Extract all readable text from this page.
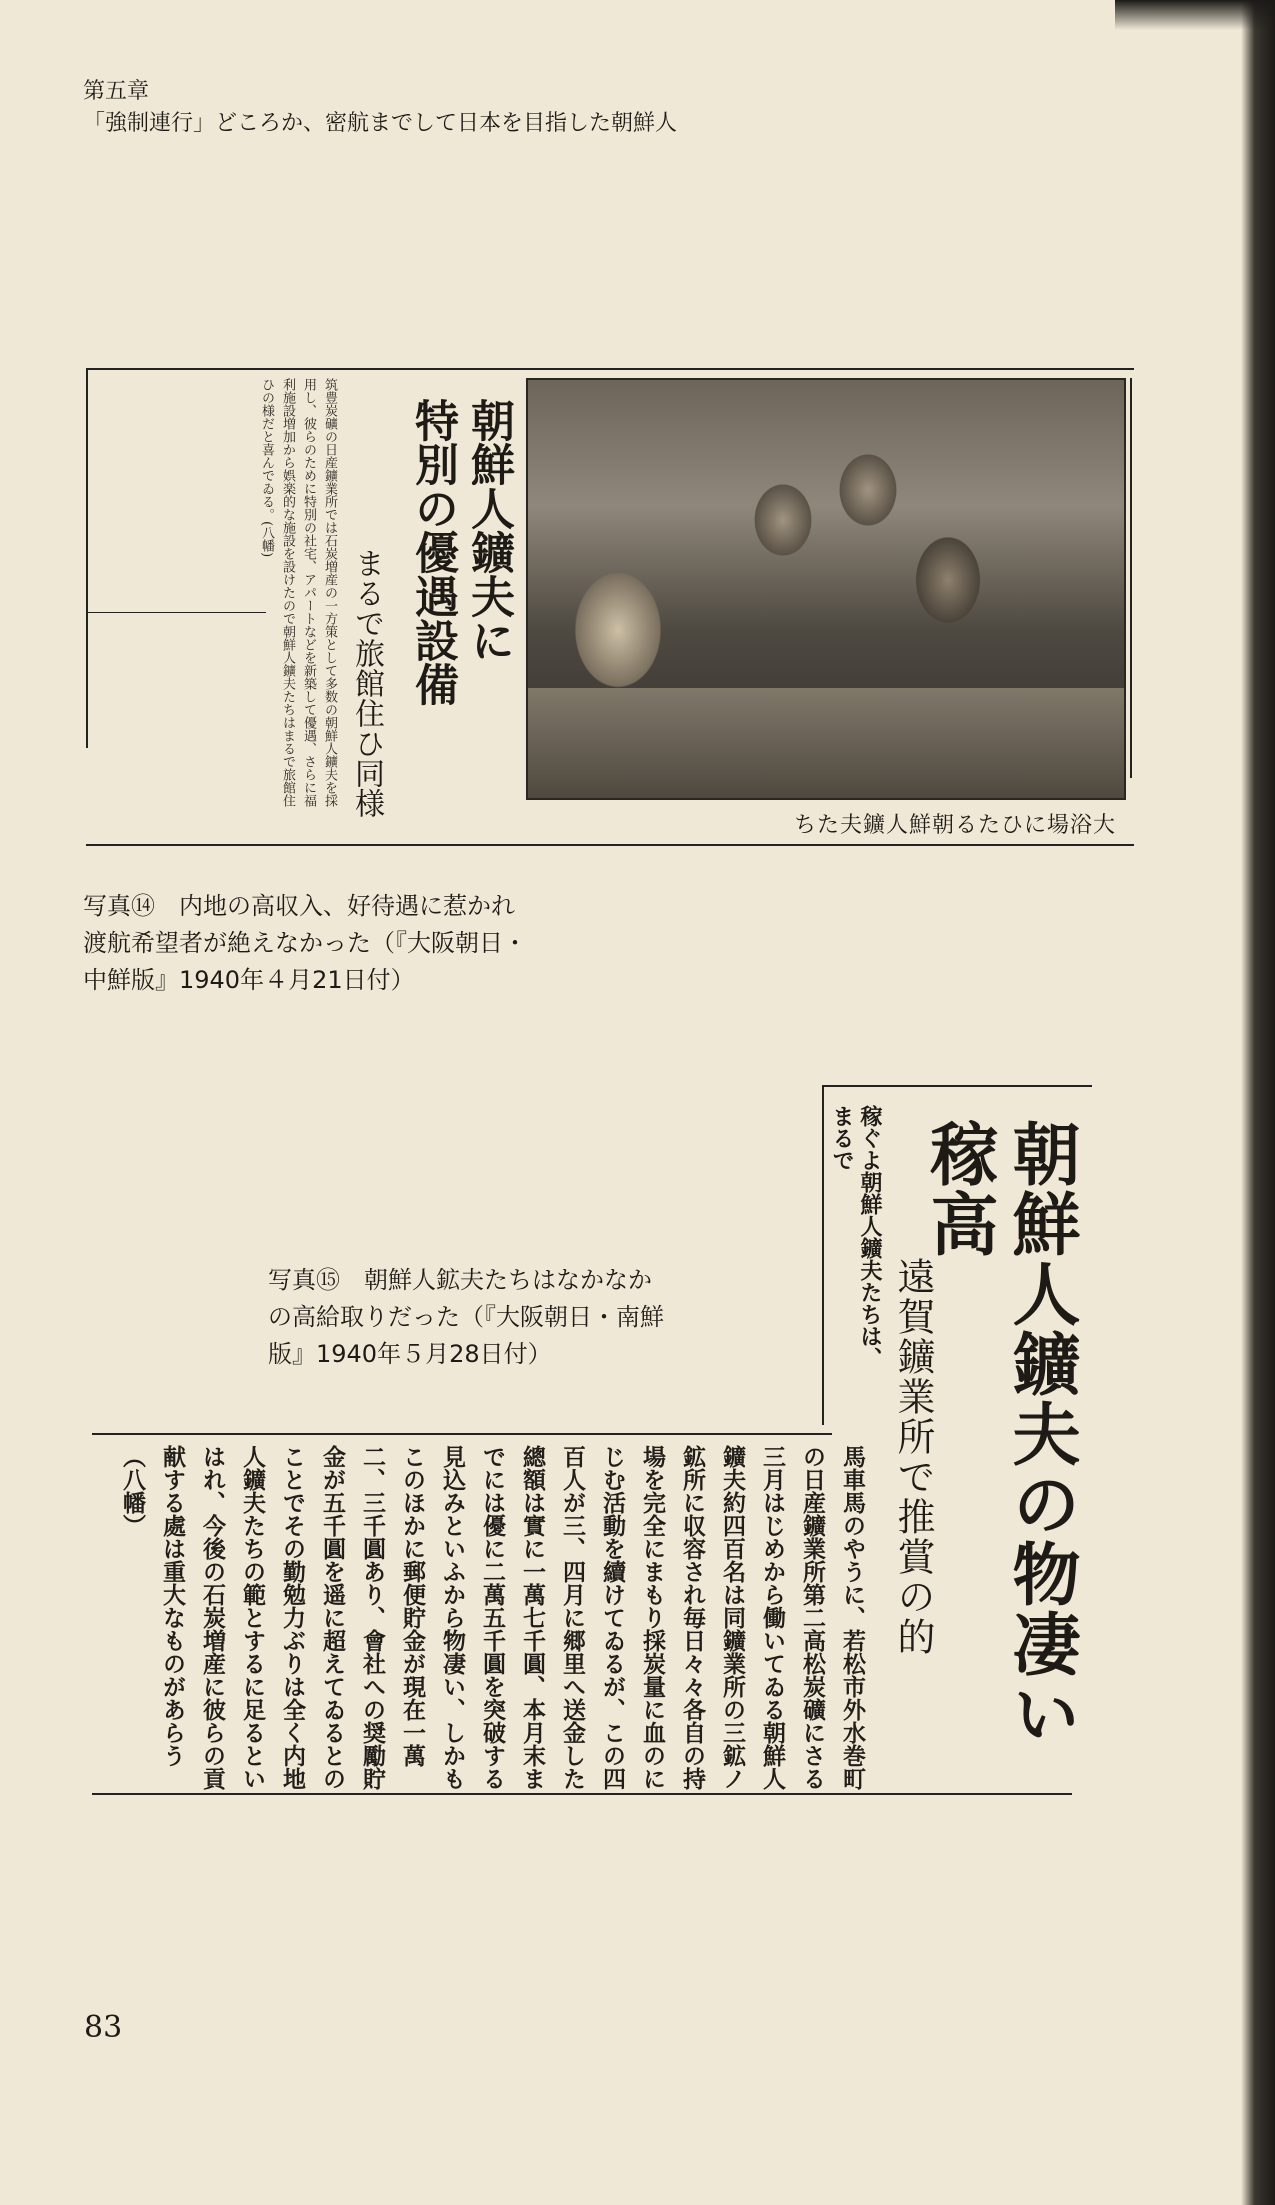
第五章
「強制連行」どころか、密航までして日本を目指した朝鮮人
ちた夫鑛人鮮朝るたひに場浴大
朝鮮人鑛夫に
特別の優遇設備
まるで旅館住ひ同様
筑豊炭礦の日産鑛業所では石炭増産の一方策として多数の朝鮮人鑛夫を採用し、彼らのために特別の社宅、アパートなどを新築して優遇、さらに福利施設増加から娯楽的な施設を設けたので朝鮮人鑛夫たちはまるで旅館住ひの様だと喜んでゐる。(八幡)
写真⑭　内地の高収入、好待遇に惹かれ渡航希望者が絶えなかった（『大阪朝日・中鮮版』1940年４月21日付）
朝鮮人鑛夫の物凄い稼高
遠賀鑛業所で推賞の的
稼ぐよ朝鮮人鑛夫たちは、まるで
馬車馬のやうに、若松市外水巻町の日産鑛業所第二高松炭礦にさる三月はじめから働いてゐる朝鮮人鑛夫約四百名は同鑛業所の三鉱ノ鉱所に収容され毎日々々各自の持場を完全にまもり採炭量に血のにじむ活動を續けてゐるが、この四百人が三、四月に郷里へ送金した總額は實に一萬七千圓、本月末までには優に二萬五千圓を突破する見込みといふから物凄い、しかもこのほかに郵便貯金が現在一萬二、三千圓あり、會社への奨勵貯金が五千圓を遥に超えてゐるとのことでその勤勉力ぶりは全く内地人鑛夫たちの範とするに足るといはれ、今後の石炭増産に彼らの貢献する處は重大なものがあらう（八幡）
写真⑮　朝鮮人鉱夫たちはなかなかの高給取りだった（『大阪朝日・南鮮版』1940年５月28日付）
83
